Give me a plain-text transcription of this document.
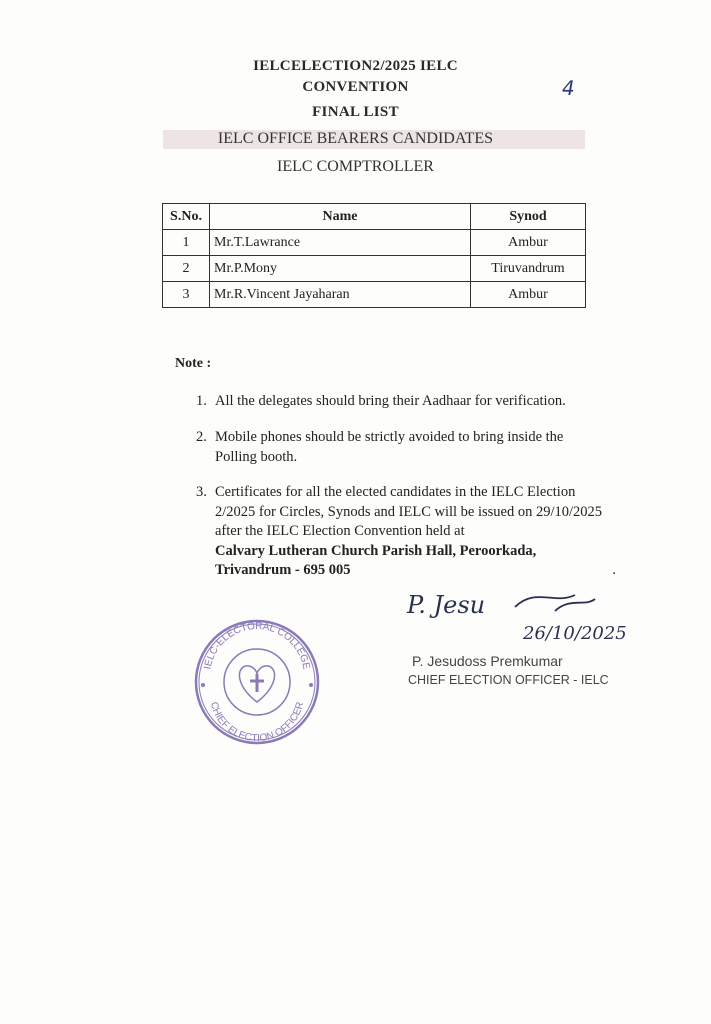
IELCELECTION2/2025 IELC
CONVENTION
FINAL LIST
4
IELC OFFICE BEARERS CANDIDATES
IELC COMPTROLLER
S.No.	Name	Synod
1	Mr.T.Lawrance	Ambur
2	Mr.P.Mony	Tiruvandrum
3	Mr.R.Vincent Jayaharan	Ambur
Note :
1. All the delegates should bring their Aadhaar for verification.
2. Mobile phones should be strictly avoided to bring inside the Polling booth.
3. Certificates for all the elected candidates in the IELC Election 2/2025 for Circles, Synods and IELC will be issued on 29/10/2025 after the IELC Election Convention held at
Calvary Lutheran Church Parish Hall, Peroorkada, Trivandrum - 695 005	.
IELC-ELECTORAL COLLEGE
CHIEF ELECTION OFFICER
P. Jesu
26/10/2025
P. Jesudoss Premkumar
CHIEF ELECTION OFFICER - IELC
